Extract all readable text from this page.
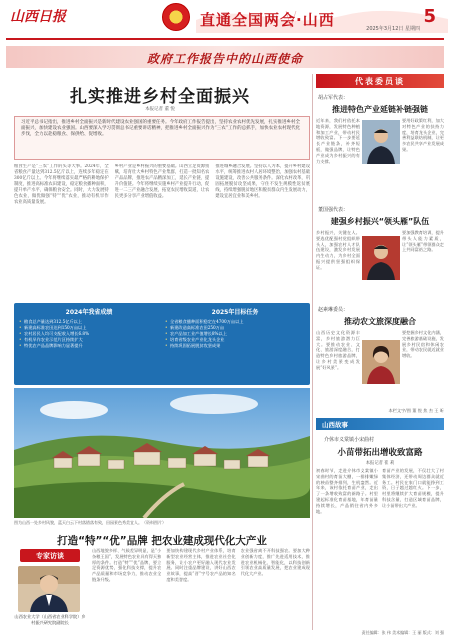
山西日报	直通全国两会·山西	5
2025年3月12日 星期四
政府工作报告中的山西使命
扎实推进乡村全面振兴
本报记者 董 悦
习近平总书记指出，推进乡村全面振兴是新时代建设农业强国的重要任务。今年政府工作报告提出，坚持农业农村优先发展，扎实推进乡村全面振兴，加快建设农业强国。山西要深入学习贯彻总书记重要讲话精神，把推进乡村全面振兴作为“三农”工作的总抓手，加快农业农村现代化步伐，全力以赴稳粮食、保供给、促增收。
粮食生产是“三农”工作的头等大事。2024年，全省粮食产量达到312.5亿斤以上，连续多年稳定在300亿斤以上。今年将继续落实最严格的耕地保护制度，推进高标准农田建设，稳定粮食播种面积，提升单产水平，确保粮食安全。同时，大力发展特色农业，做优做强“特”“优”农业，推动有机旱作农业高质量发展。
乡村产业是乡村振兴的重要基础。山西立足资源禀赋，培育壮大乡村特色产业集群，打造一批知名农产品品牌，推进农产品精深加工，延长产业链、提升价值链。今年将继续实施乡村产业提升行动，促进一二三产业融合发展，拓宽农民增收渠道，让农民更多分享产业增值收益。
推进城乡融合发展。坚持以人为本，提升乡村建设水平，统筹推进农村人居环境整治，加强农村基础设施建设，改善公共服务条件。深化农村改革，巩固拓展脱贫攻坚成果，守住不发生规模性返贫底线，持续增强脱贫地区和脱贫群众内生发展动力，建设宜居宜业和美乡村。
2024年我省成绩
• 粮食总产量达到312.5亿斤以上
• 新建高标准农田达到150万亩以上
• 农村居民人均可支配收入增长6.8%
• 有机旱作农业示范片区持续扩大
• 特优农产品品牌影响力显著提升
2025年目标任务
• 全省粮食播种面积稳定在4700万亩以上
• 新建改造高标准农田250万亩
• 农产品加工业产值增长8%以上
• 培育省级农业产业化龙头企业
• 持续巩固拓展脱贫攻坚成果
图为山西一处乡村风貌，蓝天白云下村落错落有致，田园景色秀美宜人。（资料图片）
打造“特”“优”品牌 把农业建成现代化大产业
专家访谈
山西农业大学（山西省农业科学院）乡村振兴研究院副院长
山西地貌多样、气候差异明显，是“小杂粮王国”，发展特色农业具有得天独厚的条件。打造“特”“优”品牌，要立足资源优势，强化科技支撑，提升农产品质量和市场竞争力，推动农业全链条升级。
要加快构建现代乡村产业体系，培育新型农业经营主体，推进农业社会化服务，让小农户更好融入现代农业发展。同时注重品牌建设，讲好山西农业故事，提高“晋”字号农产品的知名度和美誉度。
农业强省离不开科技强农。要加大种业创新力度，推广先进适用技术，推进农业机械化、智能化，以科技创新引领农业高质量发展，把农业建成现代化大产业。
代表委员谈
胡占军代表：
推进特色产业延链补链强链
近年来，我们村依托本地资源，发展特色种植和加工产业，带动村民增收致富。下一步要延长产业链条，补齐短板，做强品牌，让特色产业成为乡村振兴的有力支撑。
要用好政策红利，加大对特色产业的扶持力度，培育龙头企业，完善利益联结机制，让更多农民共享产业发展成果。
董国强代表：
建强乡村振兴“领头雁”队伍
乡村振兴，关键在人。要选优配强村党组织带头人，加强农村人才队伍建设，激发乡村发展内生动力，为乡村全面振兴提供坚强组织保证。
要加强教育培训，提升带头人能力素质，让“领头雁”带领群众走上共同富裕之路。
赵素琳委员：
推动农文旅深度融合
山西历史文化资源丰富，乡村旅游潜力巨大。要推动农业、文化、旅游深度融合，打造特色乡村旅游品牌，让乡村美景变成发展“好风景”。
要挖掘乡村文化内涵，完善旅游基础设施，发展乡村民宿和休闲农业，带动农民就近就业增收。
本栏文字/图 董 悦 焦 杰 王 昕
山西故事
介休市义棠镇小宋曲村
小苗带拓出增收致富路
本报记者 崔 莉
初春时节，走进介休市义棠镇小宋曲村的育苗大棚，一排排嫩绿的秧苗整齐排列，生机盎然。近年来，该村依托育苗产业，走出了一条增收致富的新路子。村里建起标准化育苗基地，年育苗量持续增长，产品销往省内外多地。
育苗产业的发展，不仅壮大了村集体经济，还带动周边群众就近务工。村民在家门口就能挣到工资，日子越过越红火。下一步，村里将继续扩大育苗规模，提升科技含量，打造区域育苗品牌，让小苗带出大产业。
责任编辑：张 伟 美术编辑：王 丽 版式：刘 强
